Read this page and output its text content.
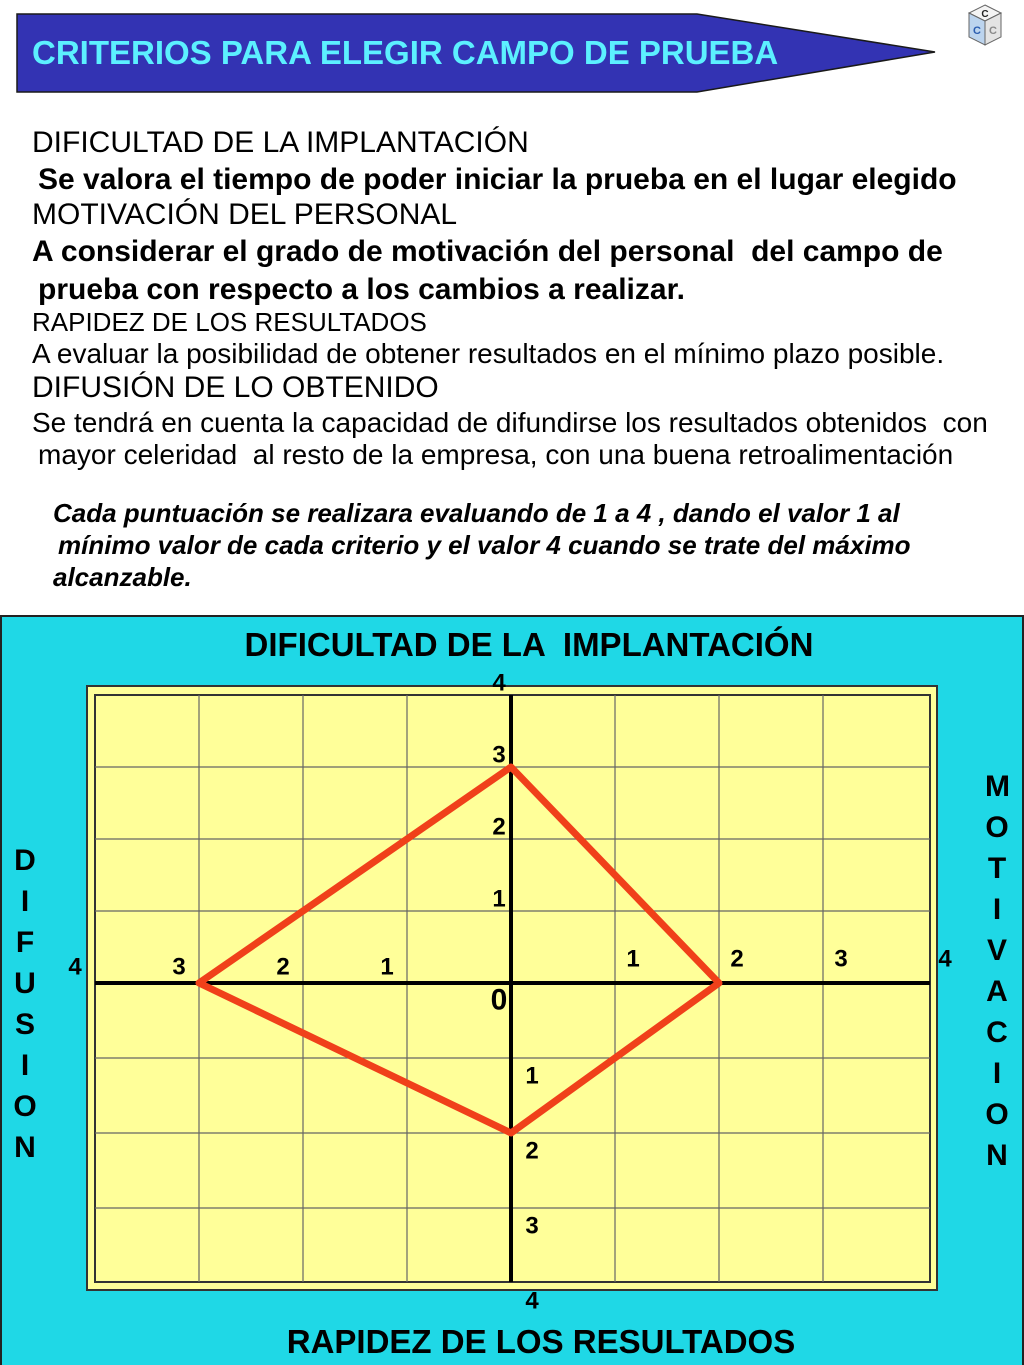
CRITERIOS PARA ELEGIR CAMPO DE PRUEBA
C
C C
DIFICULTAD DE LA IMPLANTACIÓN
Se valora el tiempo de poder iniciar la prueba en el lugar elegido
MOTIVACIÓN DEL PERSONAL
A considerar el grado de motivación del personal  del campo de
prueba con respecto a los cambios a realizar.
RAPIDEZ DE LOS RESULTADOS
A evaluar la posibilidad de obtener resultados en el mínimo plazo posible.
DIFUSIÓN DE LO OBTENIDO
Se tendrá en cuenta la capacidad de difundirse los resultados obtenidos  con
mayor celeridad  al resto de la empresa, con una buena retroalimentación
Cada puntuación se realizara evaluando de 1 a 4 , dando el valor 1 al
mínimo valor de cada criterio y el valor 4 cuando se trate del máximo
alcanzable.
1
1
1	1
2
2
2	2
3
3
3	3
4
4
4	4
0
DIFICULTAD DE LA  IMPLANTACIÓN
RAPIDEZ DE LOS RESULTADOS
DIFUSION
MOTIVACION
